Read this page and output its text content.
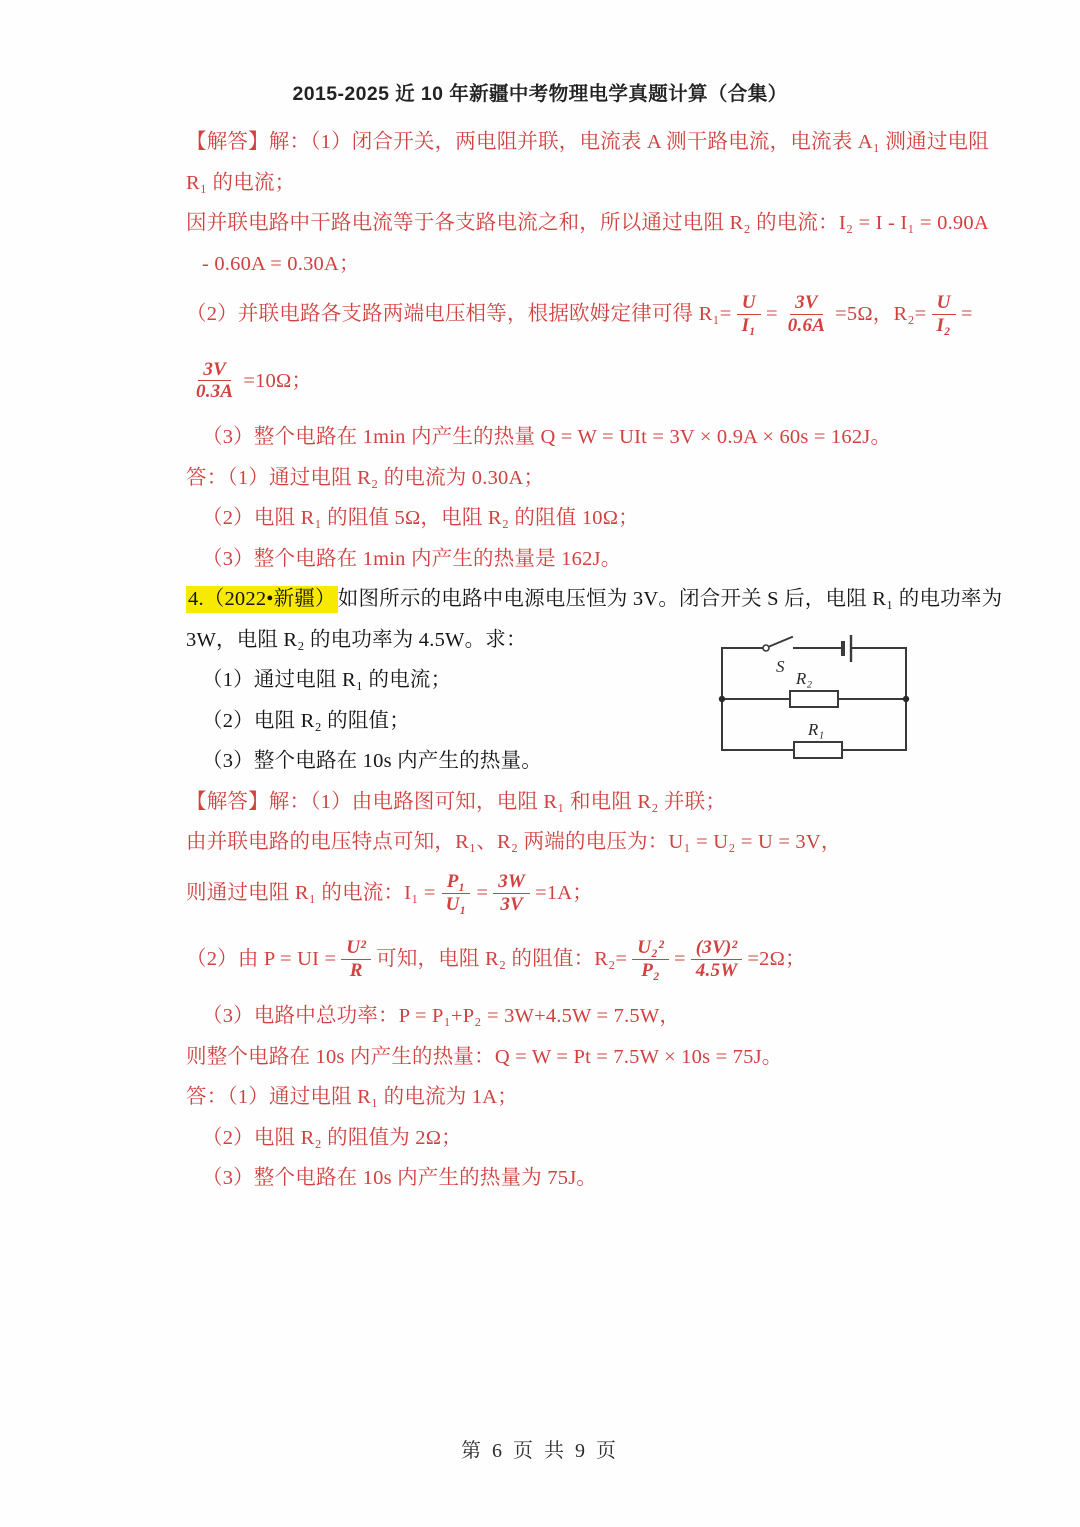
2015-2025 近 10 年新疆中考物理电学真题计算（合集）
【解答】解：（1）闭合开关，两电阻并联，电流表 A 测干路电流，电流表 A₁ 测通过电阻
R₁ 的电流；
因并联电路中干路电流等于各支路电流之和，所以通过电阻 R₂ 的电流：I₂ = I - I₁ = 0.90A
- 0.60A = 0.30A；
（2）并联电路各支路两端电压相等，根据欧姆定律可得 $R_1= \frac{U}{\text{I₁}} = \frac{3V}{0.6A} =5\Omega$，$R_2= \frac{U}{\text{I₂}}$ =
$\frac{3V}{0.3A} =10\Omega$；
（3）整个电路在 1min 内产生的热量 Q = W = UIt = 3V × 0.9A × 60s = 162J。
答：（1）通过电阻 R₂ 的电流为 0.30A；
（2）电阻 R₁ 的阻值 5Ω，电阻 R₂ 的阻值 10Ω；
（3）整个电路在 1min 内产生的热量是 162J。
4.（2022•新疆）如图所示的电路中电源电压恒为 3V。闭合开关 S 后，电阻 R₁ 的电功率为
3W，电阻 R₂ 的电功率为 4.5W。求：
（1）通过电阻 R₁ 的电流；
（2）电阻 R₂ 的阻值；
（3）整个电路在 10s 内产生的热量。
【解答】解：（1）由电路图可知，电阻 R₁ 和电阻 R₂ 并联；
由并联电路的电压特点可知，R₁、R₂ 两端的电压为：U₁ = U₂ = U = 3V，
则通过电阻 R₁ 的电流：$I_1 = \frac{\text{P₁}}{\text{U₁}} = \frac{3W}{3V} =1A$；
（2）由 P = UI = $\frac{\text{U²}}{R}$ 可知，电阻 R₂ 的阻值：$R_2= \frac{\text{U₂²}}{\text{P₂}} = \frac{\text{(3V)²}}{4.5W} =2\Omega$；
（3）电路中总功率：P = P₁+P₂ = 3W+4.5W = 7.5W，
则整个电路在 10s 内产生的热量：Q = W = Pt = 7.5W × 10s = 75J。
答：（1）通过电阻 R₁ 的电流为 1A；
（2）电阻 R₂ 的阻值为 2Ω；
（3）整个电路在 10s 内产生的热量为 75J。
S
R₂
R₁
第 6 页 共 9 页
